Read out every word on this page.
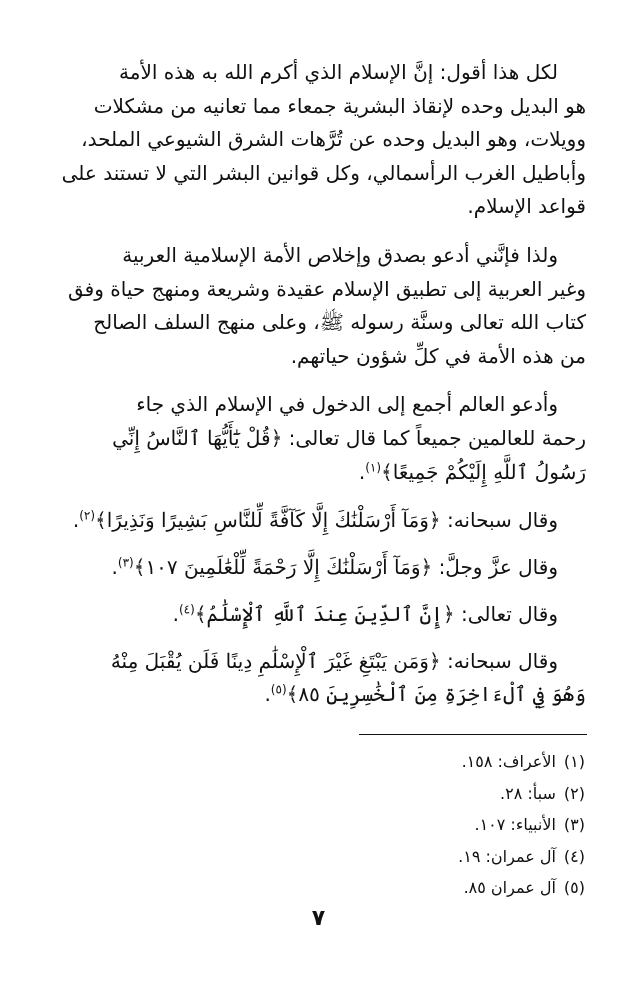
لكل هذا أقول: إنَّ الإسلام الذي أكرم الله به هذه الأمة
هو البديل وحده لإنقاذ البشرية جمعاء مما تعانيه من مشكلات
وويلات، وهو البديل وحده عن تُرَّهات الشرق الشيوعي الملحد،
وأباطيل الغرب الرأسمالي، وكل قوانين البشر التي لا تستند على
قواعد الإسلام.

ولذا فإنَّني أدعو بصدق وإخلاص الأمة الإسلامية العربية
وغير العربية إلى تطبيق الإسلام عقيدة وشريعة ومنهج حياة وفق
كتاب الله تعالى وسنَّة رسوله ﷺ، وعلى منهج السلف الصالح
من هذه الأمة في كلِّ شؤون حياتهم.

وأدعو العالم أجمع إلى الدخول في الإسلام الذي جاء
رحمة للعالمين جميعاً كما قال تعالى: ﴿قُلْ يَٰٓأَيُّهَا ٱلنَّاسُ إِنِّي
رَسُولُ ٱللَّهِ إِلَيْكُمْ جَمِيعًا﴾$^{(١)}$.

وقال سبحانه: ﴿وَمَآ أَرْسَلْنَٰكَ إِلَّا كَآفَّةً لِّلنَّاسِ بَشِيرًا وَنَذِيرًا﴾$^{(٢)}$.

وقال عزَّ وجلَّ: ﴿وَمَآ أَرْسَلْنَٰكَ إِلَّا رَحْمَةً لِّلْعَٰلَمِينَ ١٠٧﴾$^{(٣)}$.

وقال تعالى: ﴿إِنَّ ٱلدِّينَ عِندَ ٱللَّهِ ٱلْإِسْلَٰمُ﴾$^{(٤)}$.

وقال سبحانه: ﴿وَمَن يَبْتَغِ غَيْرَ ٱلْإِسْلَٰمِ دِينًا فَلَن يُقْبَلَ مِنْهُ
وَهُوَ فِي ٱلْءَاخِرَةِ مِنَ ٱلْخَٰسِرِينَ ٨٥﴾$^{(٥)}$.

(١)الأعراف: ١٥٨.
(٢)سبأ: ٢٨.
(٣)الأنبياء: ١٠٧.
(٤)آل عمران: ١٩.
(٥)آل عمران ٨٥.
٧
